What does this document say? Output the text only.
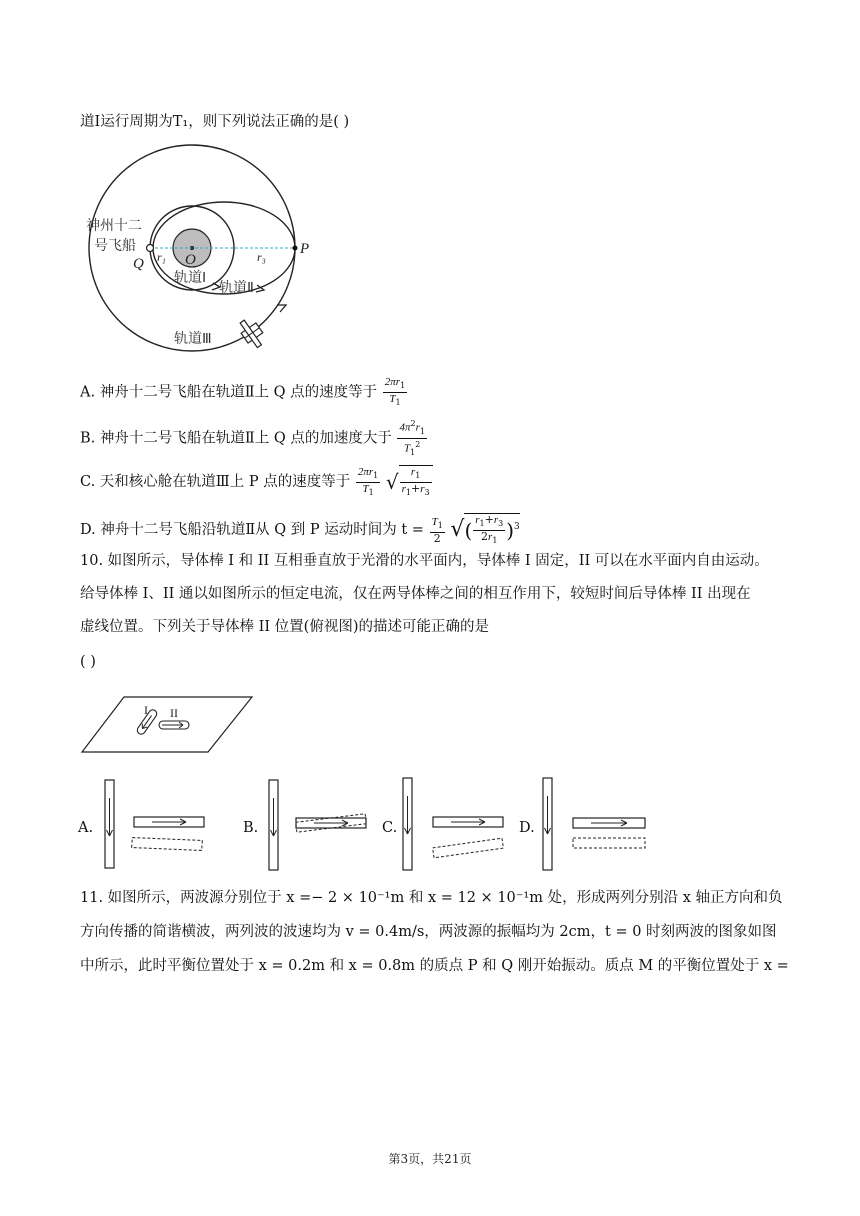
道Ⅰ运行周期为T₁，则下列说法正确的是( )
神州十二
号飞船
Q	O
P
r₁	r₃
轨道Ⅰ
轨道Ⅱ
轨道Ⅲ
A. 神舟十二号飞船在轨道Ⅱ上 Q 点的速度等于 $\frac{2\pi r_1}{T_1}$
B. 神舟十二号飞船在轨道Ⅱ上 Q 点的加速度大于 $\frac{4\pi^2r_1}{T_1^2}$
C. 天和核心舱在轨道Ⅲ上 P 点的速度等于 $\frac{2\pi r_1}{T_1}$ √ $\frac{r_1}{r_1+r_3}$
D. 神舟十二号飞船沿轨道Ⅱ从 Q 到 P 运动时间为 $t = \frac{T_1}{2}$ √( $\frac{r_1+r_3}{2r_1} )^3$
10. 如图所示，导体棒 I 和 II 互相垂直放于光滑的水平面内，导体棒 I 固定，II 可以在水平面内自由运动。
给导体棒 I、II 通以如图所示的恒定电流，仅在两导体棒之间的相互作用下，较短时间后导体棒 II 出现在
虚线位置。下列关于导体棒 II 位置(俯视图)的描述可能正确的是
( )
I II
A.	B.	C.	D.
11. 如图所示，两波源分别位于 x =− 2 × 10⁻¹m 和 x = 12 × 10⁻¹m 处，形成两列分别沿 x 轴正方向和负
方向传播的简谐横波，两列波的波速均为 v = 0.4m/s，两波源的振幅均为 2cm，t = 0 时刻两波的图象如图
中所示，此时平衡位置处于 x = 0.2m 和 x = 0.8m 的质点 P 和 Q 刚开始振动。质点 M 的平衡位置处于 x =
第3页，共21页
